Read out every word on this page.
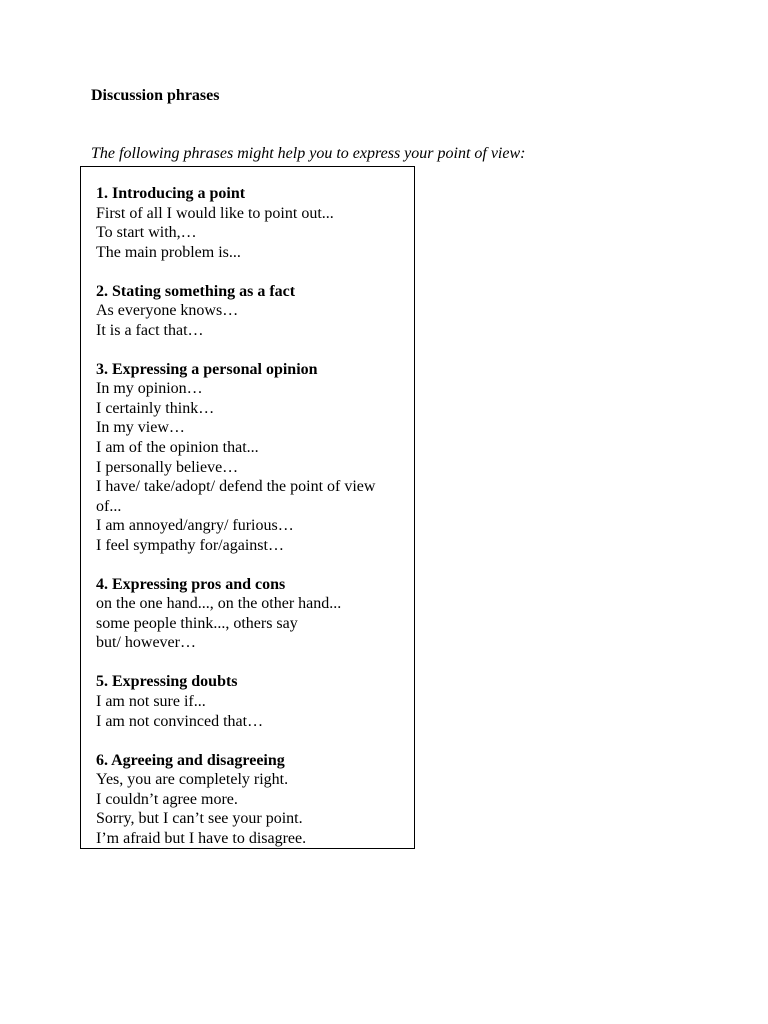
Discussion phrases
The following phrases might help you to express your point of view:
1. Introducing a point
First of all I would like to point out...
To start with,…
The main problem is...
2. Stating something as a fact
As everyone knows…
It is a fact that…
3. Expressing a personal opinion
In my opinion…
I certainly think…
In my view…
I am of the opinion that...
I personally believe…
I have/ take/adopt/ defend the point of view
of...
I am annoyed/angry/ furious…
I feel sympathy for/against…
4. Expressing pros and cons
on the one hand..., on the other hand...
some people think..., others say
but/ however…
5. Expressing doubts
I am not sure if...
I am not convinced that…
6. Agreeing and disagreeing
Yes, you are completely right.
I couldn’t agree more.
Sorry, but I can’t see your point.
I’m afraid but I have to disagree.
